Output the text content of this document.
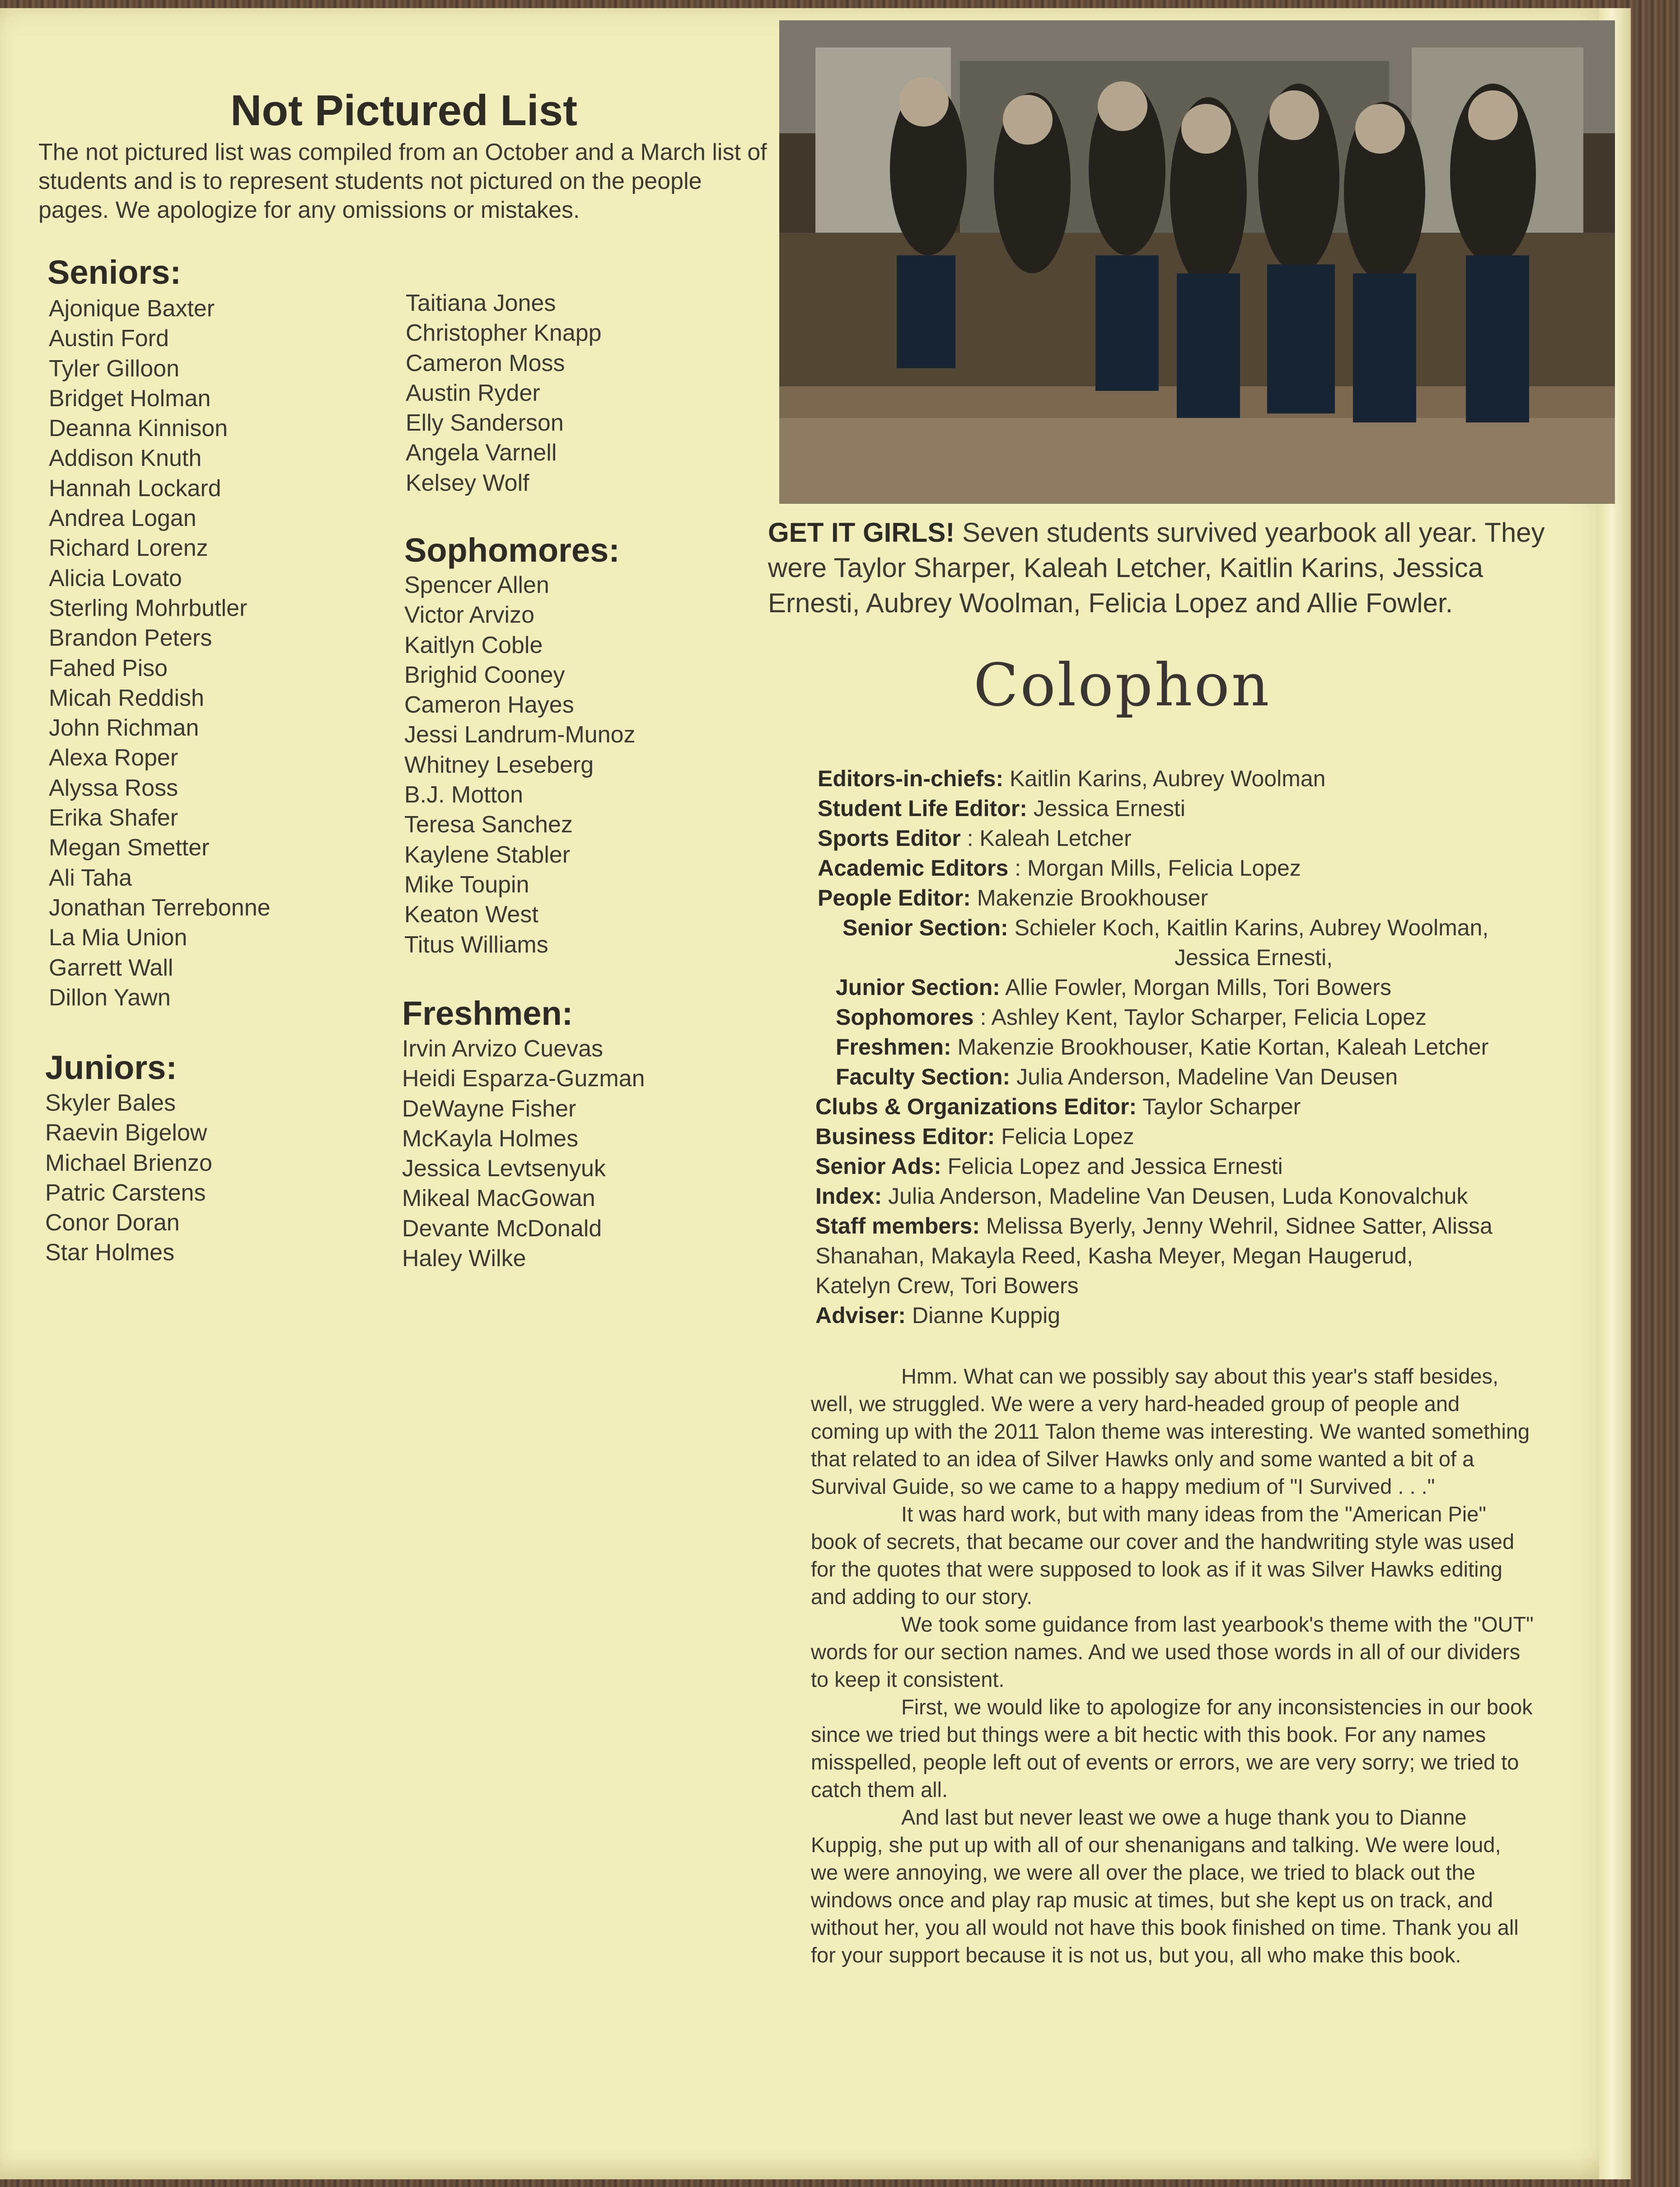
Not Pictured List
The not pictured list was compiled from an October and a March list of students and is to represent students not pictured on the people pages. We apologize for any omissions or mistakes.
Seniors:
Ajonique Baxter
Austin Ford
Tyler Gilloon
Bridget Holman
Deanna Kinnison
Addison Knuth
Hannah Lockard
Andrea Logan
Richard Lorenz
Alicia Lovato
Sterling Mohrbutler
Brandon Peters
Fahed Piso
Micah Reddish
John Richman
Alexa Roper
Alyssa Ross
Erika Shafer
Megan Smetter
Ali Taha
Jonathan Terrebonne
La Mia Union
Garrett Wall
Dillon Yawn
Taitiana Jones
Christopher Knapp
Cameron Moss
Austin Ryder
Elly Sanderson
Angela Varnell
Kelsey Wolf
Juniors:
Skyler Bales
Raevin Bigelow
Michael Brienzo
Patric Carstens
Conor Doran
Star Holmes
Sophomores:
Spencer Allen
Victor Arvizo
Kaitlyn Coble
Brighid Cooney
Cameron Hayes
Jessi Landrum-Munoz
Whitney Leseberg
B.J. Motton
Teresa Sanchez
Kaylene Stabler
Mike Toupin
Keaton West
Titus Williams
Freshmen:
Irvin Arvizo Cuevas
Heidi Esparza-Guzman
DeWayne Fisher
McKayla Holmes
Jessica Levtsenyuk
Mikeal MacGowan
Devante McDonald
Haley Wilke
GET IT GIRLS! Seven students survived yearbook all year. They were Taylor Sharper, Kaleah Letcher, Kaitlin Karins, Jessica Ernesti, Aubrey Woolman, Felicia Lopez and Allie Fowler.
Colophon
Editors-in-chiefs: Kaitlin Karins, Aubrey Woolman
Student Life Editor: Jessica Ernesti
Sports Editor : Kaleah Letcher
Academic Editors : Morgan Mills, Felicia Lopez
People Editor: Makenzie Brookhouser
Senior Section: Schieler Koch, Kaitlin Karins, Aubrey Woolman,
Jessica Ernesti,
Junior Section: Allie Fowler, Morgan Mills, Tori Bowers
Sophomores : Ashley Kent, Taylor Scharper, Felicia Lopez
Freshmen: Makenzie Brookhouser, Katie Kortan, Kaleah Letcher
Faculty Section: Julia Anderson, Madeline Van Deusen
Clubs & Organizations Editor: Taylor Scharper
Business Editor: Felicia Lopez
Senior Ads: Felicia Lopez and Jessica Ernesti
Index: Julia Anderson, Madeline Van Deusen, Luda Konovalchuk
Staff members: Melissa Byerly, Jenny Wehril, Sidnee Satter, Alissa
Shanahan, Makayla Reed, Kasha Meyer, Megan Haugerud,
Katelyn Crew, Tori Bowers
Adviser: Dianne Kuppig

Hmm. What can we possibly say about this year's staff besides, well, we struggled. We were a very hard-headed group of people and coming up with the 2011 Talon theme was interesting. We wanted something that related to an idea of Silver Hawks only and some wanted a bit of a Survival Guide, so we came to a happy medium of "I Survived . . ."

It was hard work, but with many ideas from the "American Pie" book of secrets, that became our cover and the handwriting style was used for the quotes that were supposed to look as if it was Silver Hawks editing and adding to our story.

We took some guidance from last yearbook's theme with the "OUT" words for our section names. And we used those words in all of our dividers to keep it consistent.

First, we would like to apologize for any inconsistencies in our book since we tried but things were a bit hectic with this book. For any names misspelled, people left out of events or errors, we are very sorry; we tried to catch them all.

And last but never least we owe a huge thank you to Dianne Kuppig, she put up with all of our shenanigans and talking. We were loud, we were annoying, we were all over the place, we tried to black out the windows once and play rap music at times, but she kept us on track, and without her, you all would not have this book finished on time. Thank you all for your support because it is not us, but you, all who make this book.
